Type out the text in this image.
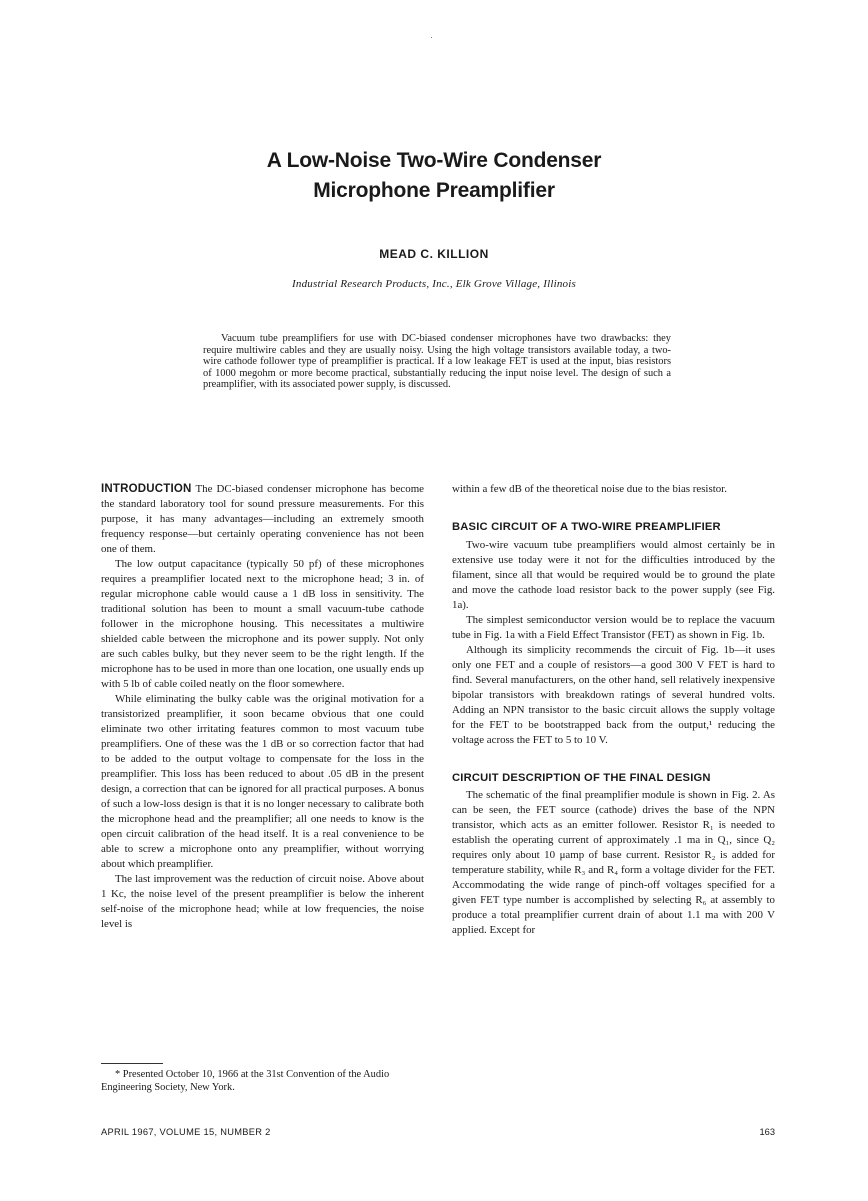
A Low-Noise Two-Wire Condenser
Microphone Preamplifier
MEAD C. KILLION
Industrial Research Products, Inc., Elk Grove Village, Illinois

Vacuum tube preamplifiers for use with DC-biased condenser microphones have two drawbacks: they require multiwire cables and they are usually noisy. Using the high voltage transistors available today, a two-wire cathode follower type of preamplifier is practical. If a low leakage FET is used at the input, bias resistors of 1000 megohm or more become practical, substantially reducing the input noise level. The design of such a preamplifier, with its associated power supply, is discussed.

INTRODUCTION The DC-biased condenser microphone has become the standard laboratory tool for sound pressure measurements. For this purpose, it has many advantages—including an extremely smooth frequency response—but certainly operating convenience has not been one of them.

The low output capacitance (typically 50 pf) of these microphones requires a preamplifier located next to the microphone head; 3 in. of regular microphone cable would cause a 1 dB loss in sensitivity. The traditional solution has been to mount a small vacuum-tube cathode follower in the microphone housing. This necessitates a multiwire shielded cable between the microphone and its power supply. Not only are such cables bulky, but they never seem to be the right length. If the microphone has to be used in more than one location, one usually ends up with 5 lb of cable coiled neatly on the floor somewhere.

While eliminating the bulky cable was the original motivation for a transistorized preamplifier, it soon became obvious that one could eliminate two other irritating features common to most vacuum tube preamplifiers. One of these was the 1 dB or so correction factor that had to be added to the output voltage to compensate for the loss in the preamplifier. This loss has been reduced to about .05 dB in the present design, a correction that can be ignored for all practical purposes. A bonus of such a low-loss design is that it is no longer necessary to calibrate both the microphone head and the preamplifier; all one needs to know is the open circuit calibration of the head itself. It is a real convenience to be able to screw a microphone onto any preamplifier, without worrying about which preamplifier.

The last improvement was the reduction of circuit noise. Above about 1 Kc, the noise level of the present preamplifier is below the inherent self-noise of the microphone head; while at low frequencies, the noise level is

within a few dB of the theoretical noise due to the bias resistor.

BASIC CIRCUIT OF A TWO-WIRE PREAMPLIFIER

Two-wire vacuum tube preamplifiers would almost certainly be in extensive use today were it not for the difficulties introduced by the filament, since all that would be required would be to ground the plate and move the cathode load resistor back to the power supply (see Fig. 1a).

The simplest semiconductor version would be to replace the vacuum tube in Fig. 1a with a Field Effect Transistor (FET) as shown in Fig. 1b.

Although its simplicity recommends the circuit of Fig. 1b—it uses only one FET and a couple of resistors—a good 300 V FET is hard to find. Several manufacturers, on the other hand, sell relatively inexpensive bipolar transistors with breakdown ratings of several hundred volts. Adding an NPN transistor to the basic circuit allows the supply voltage for the FET to be bootstrapped back from the output,¹ reducing the voltage across the FET to 5 to 10 V.

CIRCUIT DESCRIPTION OF THE FINAL DESIGN

The schematic of the final preamplifier module is shown in Fig. 2. As can be seen, the FET source (cathode) drives the base of the NPN transistor, which acts as an emitter follower. Resistor R₁ is needed to establish the operating current of approximately .1 ma in Q₁, since Q₂ requires only about 10 μamp of base current. Resistor R₂ is added for temperature stability, while R₃ and R₄ form a voltage divider for the FET. Accommodating the wide range of pinch-off voltages specified for a given FET type number is accomplished by selecting R₆ at assembly to produce a total preamplifier current drain of about 1.1 ma with 200 V applied. Except for

* Presented October 10, 1966 at the 31st Convention of the Audio Engineering Society, New York.

APRIL 1967, VOLUME 15, NUMBER 2	163
